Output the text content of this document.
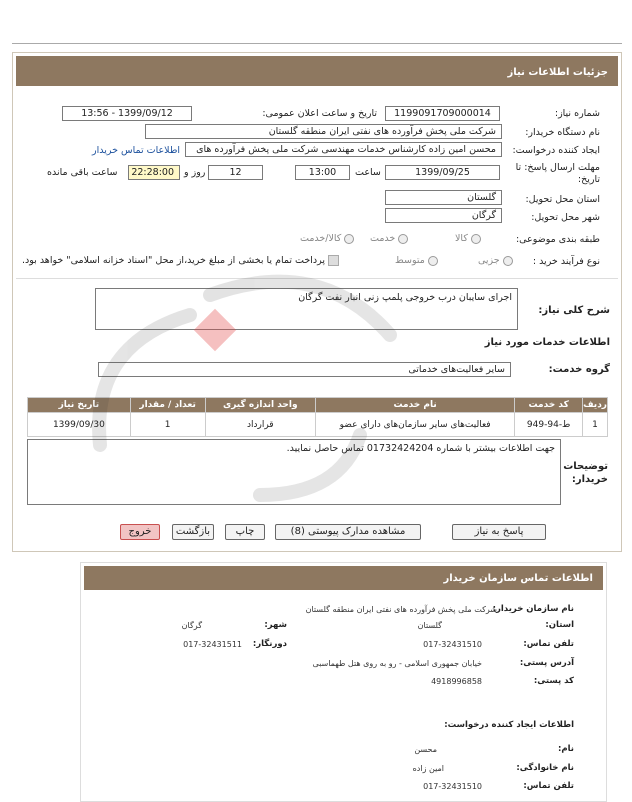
جزئیات اطلاعات نیاز
شماره نیاز:
1199091709000014
تاریخ و ساعت اعلان عمومی:
1399/09/12 - 13:56
نام دستگاه خریدار:
شرکت ملی پخش فرآورده های نفتی ایران منطقه گلستان
ایجاد کننده درخواست:
محسن امین زاده کارشناس خدمات مهندسی شرکت ملی پخش فرآورده های
اطلاعات تماس خریدار
مهلت ارسال پاسخ: تا
تاریخ:
1399/09/25
ساعت
13:00
12
روز و
22:28:00
ساعت باقی مانده
استان محل تحویل:
گلستان
شهر محل تحویل:
گرگان
طبقه بندی موضوعی:
کالا
خدمت
کالا/خدمت
نوع فرآیند خرید :
جزیی
متوسط
پرداخت تمام یا بخشی از مبلغ خرید،از محل "اسناد خزانه اسلامی" خواهد بود.
شرح کلی نیاز:
اجرای سایبان درب خروجی پلمپ زنی انبار نفت گرگان
اطلاعات خدمات مورد نیاز
گروه خدمت:
سایر فعالیت‌های خدماتی
ردیف	کد خدمت	نام خدمت	واحد اندازه گیری	تعداد / مقدار	تاریخ نیاز
1	ط-94-949	فعالیت‌های سایر سازمان‌های دارای عضو	قرارداد	1	1399/09/30
توضیحات
خریدار:
جهت اطلاعات بیشتر با شماره 01732424204 تماس حاصل نمایید.
پاسخ به نیاز
مشاهده مدارک پیوستی (8)
چاپ
بازگشت
خروج
اطلاعات تماس سازمان خریدار
نام سازمان خریدار:
شرکت ملی پخش فرآورده های نفتی ایران منطقه گلستان
استان:
گلستان
شهر:
گرگان
تلفن تماس:
017-32431510
دورنگار:
017-32431511
آدرس پستی:
خیابان جمهوری اسلامی - رو به روی هتل طهماسبی
کد پستی:
4918996858
اطلاعات ایجاد کننده درخواست:
نام:
محسن
نام خانوادگی:
امین زاده
تلفن تماس:
017-32431510
